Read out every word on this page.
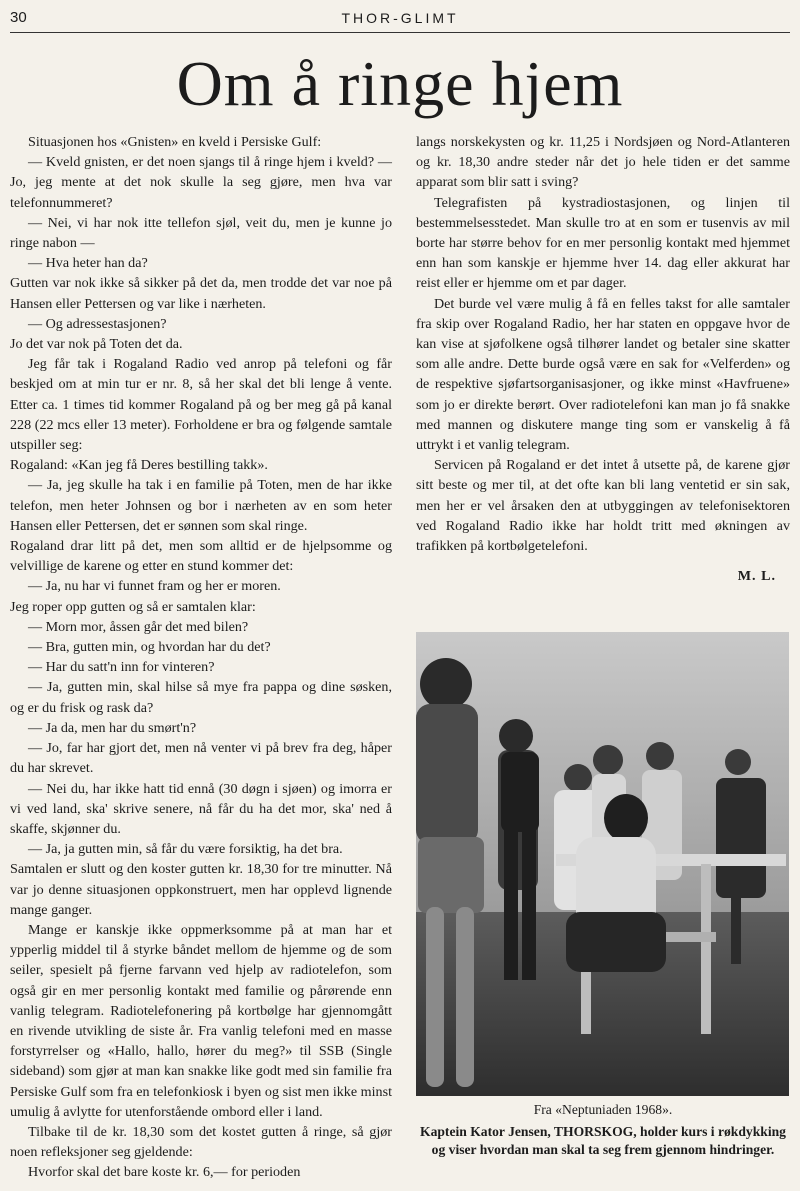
30	THOR-GLIMT
Om å ringe hjem

Situasjonen hos «Gnisten» en kveld i Persiske Gulf:

— Kveld gnisten, er det noen sjangs til å ringe hjem i kveld? — Jo, jeg mente at det nok skulle la seg gjøre, men hva var telefonnummeret?

— Nei, vi har nok itte tellefon sjøl, veit du, men je kunne jo ringe nabon —

— Hva heter han da?

Gutten var nok ikke så sikker på det da, men trodde det var noe på Hansen eller Pettersen og var like i nærheten.

— Og adressestasjonen?

Jo det var nok på Toten det da.

Jeg får tak i Rogaland Radio ved anrop på telefoni og får beskjed om at min tur er nr. 8, så her skal det bli lenge å vente. Etter ca. 1 times tid kommer Rogaland på og ber meg gå på kanal 228 (22 mcs eller 13 meter). Forholdene er bra og følgende samtale utspiller seg:

Rogaland: «Kan jeg få Deres bestilling takk».

— Ja, jeg skulle ha tak i en familie på Toten, men de har ikke telefon, men heter Johnsen og bor i nærheten av en som heter Hansen eller Pettersen, det er sønnen som skal ringe.

Rogaland drar litt på det, men som alltid er de hjelpsomme og velvillige de karene og etter en stund kommer det:

— Ja, nu har vi funnet fram og her er moren.

Jeg roper opp gutten og så er samtalen klar:

— Morn mor, åssen går det med bilen?

— Bra, gutten min, og hvordan har du det?

— Har du satt'n inn for vinteren?

— Ja, gutten min, skal hilse så mye fra pappa og dine søsken, og er du frisk og rask da?

— Ja da, men har du smørt'n?

— Jo, far har gjort det, men nå venter vi på brev fra deg, håper du har skrevet.

— Nei du, har ikke hatt tid ennå (30 døgn i sjøen) og imorra er vi ved land, ska' skrive senere, nå får du ha det mor, ska' ned å skaffe, skjønner du.

— Ja, ja gutten min, så får du være forsiktig, ha det bra.

Samtalen er slutt og den koster gutten kr. 18,30 for tre minutter. Nå var jo denne situasjonen oppkonstruert, men har opplevd lignende mange ganger.

Mange er kanskje ikke oppmerksomme på at man har et ypperlig middel til å styrke båndet mellom de hjemme og de som seiler, spesielt på fjerne farvann ved hjelp av radiotelefon, som også gir en mer personlig kontakt med familie og pårørende enn vanlig telegram. Radiotelefonering på kortbølge har gjennomgått en rivende utvikling de siste år. Fra vanlig telefoni med en masse forstyrrelser og «Hallo, hallo, hører du meg?» til SSB (Single sideband) som gjør at man kan snakke like godt med sin familie fra Persiske Gulf som fra en telefonkiosk i byen og sist men ikke minst umulig å avlytte for utenforstående ombord eller i land.

Tilbake til de kr. 18,30 som det kostet gutten å ringe, så gjør noen refleksjoner seg gjeldende:

Hvorfor skal det bare koste kr. 6,— for perioden

langs norskekysten og kr. 11,25 i Nordsjøen og Nord-Atlanteren og kr. 18,30 andre steder når det jo hele tiden er det samme apparat som blir satt i sving?

Telegrafisten på kystradiostasjonen, og linjen til bestemmelsesstedet. Man skulle tro at en som er tusenvis av mil borte har større behov for en mer personlig kontakt med hjemmet enn han som kanskje er hjemme hver 14. dag eller akkurat har reist eller er hjemme om et par dager.

Det burde vel være mulig å få en felles takst for alle samtaler fra skip over Rogaland Radio, her har staten en oppgave hvor de kan vise at sjøfolkene også tilhører landet og betaler sine skatter som alle andre. Dette burde også være en sak for «Velferden» og de respektive sjøfartsorganisasjoner, og ikke minst «Havfruene» som jo er direkte berørt. Over radiotelefoni kan man jo få snakke med mannen og diskutere mange ting som er vanskelig å få uttrykt i et vanlig telegram.

Servicen på Rogaland er det intet å utsette på, de karene gjør sitt beste og mer til, at det ofte kan bli lang ventetid er sin sak, men her er vel årsaken den at utbyggingen av telefonisektoren ved Rogaland Radio ikke har holdt tritt med økningen av trafikken på kortbølgetelefoni.

M. L.

Fra «Neptuniaden 1968».

Kaptein Kator Jensen, THORSKOG, holder kurs i røkdykking og viser hvordan man skal ta seg frem gjennom hindringer.
